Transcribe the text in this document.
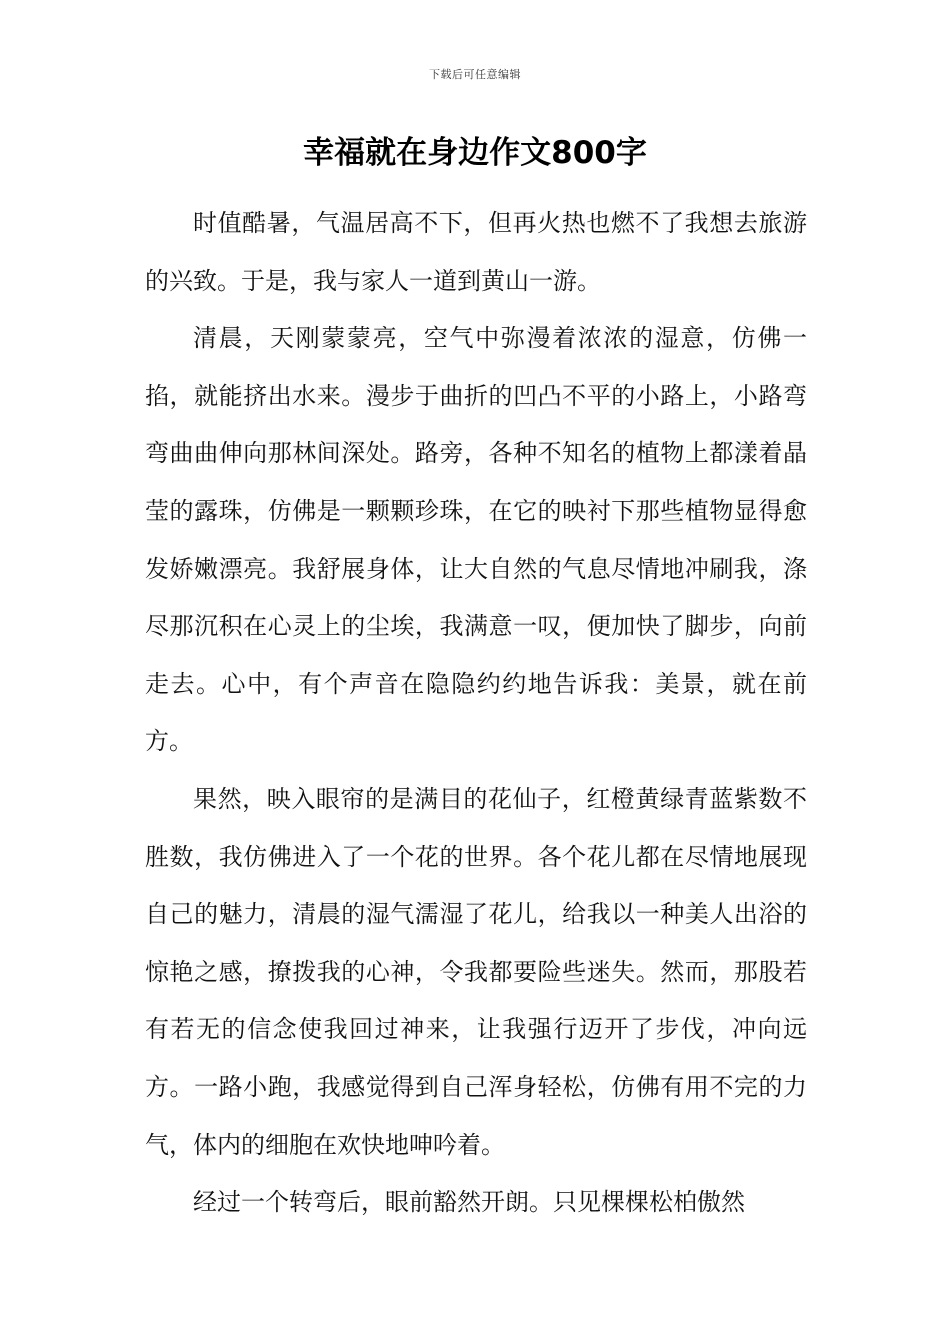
下载后可任意编辑
幸福就在身边作文800字

时值酷暑，气温居高不下，但再火热也燃不了我想去旅游的兴致。于是，我与家人一道到黄山一游。

清晨，天刚蒙蒙亮，空气中弥漫着浓浓的湿意，仿佛一掐，就能挤出水来。漫步于曲折的凹凸不平的小路上，小路弯弯曲曲伸向那林间深处。路旁，各种不知名的植物上都漾着晶莹的露珠，仿佛是一颗颗珍珠，在它的映衬下那些植物显得愈发娇嫩漂亮。我舒展身体，让大自然的气息尽情地冲刷我，涤尽那沉积在心灵上的尘埃，我满意一叹，便加快了脚步，向前走去。心中，有个声音在隐隐约约地告诉我：美景，就在前方。

果然，映入眼帘的是满目的花仙子，红橙黄绿青蓝紫数不胜数，我仿佛进入了一个花的世界。各个花儿都在尽情地展现自己的魅力，清晨的湿气濡湿了花儿，给我以一种美人出浴的惊艳之感，撩拨我的心神，令我都要险些迷失。然而，那股若有若无的信念使我回过神来，让我强行迈开了步伐，冲向远方。一路小跑，我感觉得到自己浑身轻松，仿佛有用不完的力气，体内的细胞在欢快地呻吟着。

经过一个转弯后，眼前豁然开朗。只见棵棵松柏傲然
